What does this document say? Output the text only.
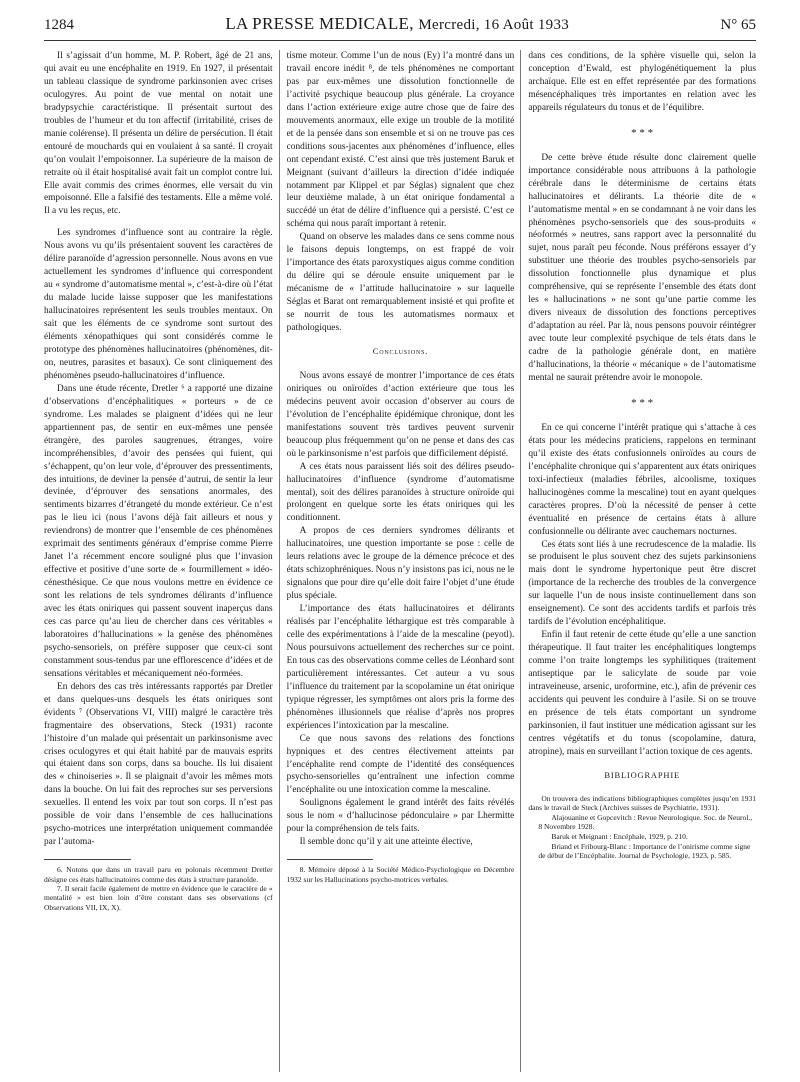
1284	LA PRESSE MEDICALE, Mercredi, 16 Août 1933	N° 65

Il s’agissait d’un homme, M. P. Robert, âgé de 21 ans, qui avait eu une encéphalite en 1919. En 1927, il présentait un tableau classique de syndrome parkinsonien avec crises oculogyres. Au point de vue mental on notait une bradypsychie caractéristique. Il présentait surtout des troubles de l’humeur et du ton affectif (irritabilité, crises de manie colérense). Il présenta un délire de persécution. Il était entouré de mouchards qui en voulaient à sa santé. Il croyait qu’on voulait l’empoisonner. La supérieure de la maison de retraite où il était hospitalisé avait fait un complot contre lui. Elle avait commis des crimes énormes, elle versait du vin empoisonné. Elle a falsifié des testaments. Elle a même volé. Il a vu les reçus, etc.

Les syndromes d’influence sont au contraire la règle. Nous avons vu qu’ils présentaient souvent les caractères de délire paranoïde d’agression personnelle. Nous avons en vue actuellement les syndromes d’influence qui correspondent au « syndrome d’automatisme mental », c’est-à-dire où l’état du malade lucide laisse supposer que les manifestations hallucinatoires représentent les seuls troubles mentaux. On sait que les éléments de ce syndrome sont surtout des éléments xénopathiques qui sont considérés comme le prototype des phénomènes hallucinatoires (phénomènes, dit-on, neutres, parasites et basaux). Ce sont cliniquement des phénomènes pseudo-hallucinatoires d’influence.

Dans une étude récente, Dretler ⁶ a rapporté une dizaine d’observations d’encéphalitiques « porteurs » de ce syndrome. Les malades se plaignent d’idées qui ne leur appartiennent pas, de sentir en eux-mêmes une pensée étrangère, des paroles saugrenues, étranges, voire incompréhensibles, d’avoir des pensées qui fuient, qui s’échappent, qu’on leur vole, d’éprouver des pressentiments, des intuitions, de deviner la pensée d’autrui, de sentir la leur devinée, d’éprouver des sensations anormales, des sentiments bizarres d’étrangeté du monde extérieur. Ce n’est pas le lieu ici (nous l’avons déjà fait ailleurs et nous y reviendrons) de montrer que l’ensemble de ces phénomènes exprimait des sentiments généraux d’emprise comme Pierre Janet l’a récemment encore souligné plus que l’invasion effective et positive d’une sorte de « fourmillement » idéo-cénesthésique. Ce que nous voulons mettre en évidence ce sont les relations de tels syndromes délirants d’influence avec les états oniriques qui passent souvent inaperçus dans ces cas parce qu’au lieu de chercher dans ces véritables « laboratoires d’hallucinations » la genèse des phénomènes psycho-sensoriels, on préfère supposer que ceux-ci sont constamment sous-tendus par une efflorescence d’idées et de sensations véritables et mécaniquement néo-formées.

En dehors des cas très intéressants rapportés par Dretler et dans quelques-uns desquels les états oniriques sont évidents ⁷ (Observations VI, VIII) malgré le caractère très fragmentaire des observations, Steck (1931) raconte l’histoire d’un malade qui présentait un parkinsonisme avec crises oculogyres et qui était habité par de mauvais esprits qui étaient dans son corps, dans sa bouche. Ils lui disaient des « chinoiseries ». Il se plaignait d’avoir les mêmes mots dans la bouche. On lui fait des reproches sur ses perversions sexuelles. Il entend les voix par tout son corps. Il n’est pas possible de voir dans l’ensemble de ces hallucinations psycho-motrices une interprétation uniquement commandée par l’automa-

6. Notons que dans un travail paru en polonais récemment Dretler désigne ces états hallucinatoires comme des états à structure paranoïde.

7. Il serait facile également de mettre en évidence que le caractère de « mentalité » est bien loin d’être constant dans ses observations (cf Observations VII, IX, X).

tisme moteur. Comme l’un de nous (Ey) l’a montré dans un travail encore inédit ⁸, de tels phénomènes ne comportant pas par eux-mêmes une dissolution fonctionnelle de l’activité psychique beaucoup plus générale. La croyance dans l’action extérieure exige autre chose que de faire des mouvements anormaux, elle exige un trouble de la motilité et de la pensée dans son ensemble et si on ne trouve pas ces conditions sous-jacentes aux phénomènes d’influence, elles ont cependant existé. C’est ainsi que très justement Baruk et Meignant (suivant d’ailleurs la direction d’idée indiquée notamment par Klippel et par Séglas) signalent que chez leur deuxième malade, à un état onirique fondamental a succédé un état de délire d’influence qui a persisté. C’est ce schéma qui nous paraît important à retenir.

Quand on observe les malades dans ce sens comme nous le faisons depuis longtemps, on est frappé de voir l’importance des états paroxystiques aigus comme condition du délire qui se déroule ensuite uniquement par le mécanisme de « l’attitude hallucinatoire » sur laquelle Séglas et Barat ont remarquablement insisté et qui profite et se nourrit de tous les automatismes normaux et pathologiques.

Conclusions.

Nous avons essayé de montrer l’importance de ces états oniriques ou onïroïdes d’action extérieure que tous les médecins peuvent avoir occasion d’observer au cours de l’évolution de l’encéphalite épidémique chronique, dont les manifestations souvent très tardives peuvent survenir beaucoup plus fréquemment qu’on ne pense et dans des cas où le parkinsonisme n’est parfois que difficilement dépisté.

A ces états nous paraissent liés soit des délires pseudo-hallucinatoires d’influence (syndrome d’automatisme mental), soit des délires paranoïdes à structure onïroïde qui prolongent en quelque sorte les états oniriques qui les conditionnent.

A propos de ces derniers syndromes délirants et hallucinatoires, une question importante se pose : celle de leurs relations avec le groupe de la démence précoce et des états schizophréniques. Nous n’y insistons pas ici, nous ne le signalons que pour dire qu’elle doit faire l’objet d’une étude plus spéciale.

L’importance des états hallucinatoires et délirants réalisés par l’encéphalite léthargique est très comparable à celle des expérimentations à l’aide de la mescaline (peyotl). Nous poursuivons actuellement des recherches sur ce point. En tous cas des observations comme celles de Léonhard sont particulièrement intéressantes. Cet auteur a vu sous l’influence du traitement par la scopolamine un état onirique typique régresser, les symptômes ont alors pris la forme des phénomènes illusionnels que réalise d’après nos propres expériences l’intoxication par la mescaline.

Ce que nous savons des relations des fonctions hypniques et des centres électivement atteints par l’encéphalite rend compte de l’identité des conséquences psycho-sensorielles qu’entraînent une infection comme l’encéphalite ou une intoxication comme la mescaline.

Soulignons également le grand intérêt des faits révélés sous le nom « d’hallucinose pédonculaire » par Lhermitte pour la compréhension de tels faits.

Il semble donc qu’il y ait une atteinte élective,

8. Mémoire déposé à la Société Médico-Psychologique en Décembre 1932 sur les Hallucinations psycho-motrices verbales.

dans ces conditions, de la sphère visuelle qui, selon la conception d’Ewald, est phylogénétiquement la plus archaïque. Elle est en effet représentée par des formations mésencéphaliques très importantes en relation avec les appareils régulateurs du tonus et de l’équilibre.

* * *

De cette brève étude résulte donc clairement quelle importance considérable nous attribuons à la pathologie cérébrale dans le déterminisme de certains états hallucinatoires et délirants. La théorie dite de « l’automatisme mental » en se condamnant à ne voir dans les phénomènes psycho-sensoriels que des sous-produits « néoformés » neutres, sans rapport avec la personnalité du sujet, nous paraît peu féconde. Nous préférons essayer d’y substituer une théorie des troubles psycho-sensoriels par dissolution fonctionnelle plus dynamique et plus compréhensive, qui se représente l’ensemble des états dont les « hallucinations » ne sont qu’une partie comme les divers niveaux de dissolution des fonctions perceptives d’adaptation au réel. Par là, nous pensons pouvoir réintégrer avec toute leur complexité psychique de tels états dans le cadre de la pathologie générale dont, en matière d’hallucinations, la théorie « mécanique » de l’automatisme mental ne saurait prétendre avoir le monopole.

* * *

En ce qui concerne l’intérêt pratique qui s’attache à ces états pour les médecins praticiens, rappelons en terminant qu’il existe des états confusionnels onïroïdes au cours de l’encéphalite chronique qui s’apparentent aux états oniriques toxi-infectieux (maladies fébriles, alcoolisme, toxiques hallucinogènes comme la mescaline) tout en ayant quelques caractères propres. D’où la nécessité de penser à cette éventualité en présence de certains états à allure confusionnelle ou délirante avec cauchemars nocturnes.

Ces états sont liés à une recrudescence de la maladie. Ils se produisent le plus souvent chez des sujets parkinsoniens mais dont le syndrome hypertonique peut être discret (importance de la recherche des troubles de la convergence sur laquelle l’un de nous insiste continuellement dans son enseignement). Ce sont des accidents tardifs et parfois très tardifs de l’évolution encéphalitique.

Enfin il faut retenir de cette étude qu’elle a une sanction thérapeutique. Il faut traiter les encéphalitiques longtemps comme l’on traite longtemps les syphilitiques (traitement antiseptique par le salicylate de soude par voie intraveineuse, arsenic, uroformine, etc.), afin de prévenir ces accidents qui peuvent les conduire à l’asile. Si on se trouve en présence de tels états comportant un syndrome parkinsonien, il faut instituer une médication agissant sur les centres végétatifs et du tonus (scopolamine, datura, atropine), mais en surveillant l’action toxique de ces agents.

BIBLIOGRAPHIE

On trouvera des indications bibliographiques complètes jusqu’en 1931 dans le travail de Steck (Archives suisses de Psychiatrie, 1931).

Alajouanine et Gopcevitch : Revue Neurologique. Soc. de Neurol., 8 Novembre 1928.

Baruk et Meignant : Encéphale, 1929, p. 210.

Briand et Fribourg-Blanc : Importance de l’onirisme comme signe de début de l’Encéphalite. Journal de Psychologie, 1923, p. 585.
